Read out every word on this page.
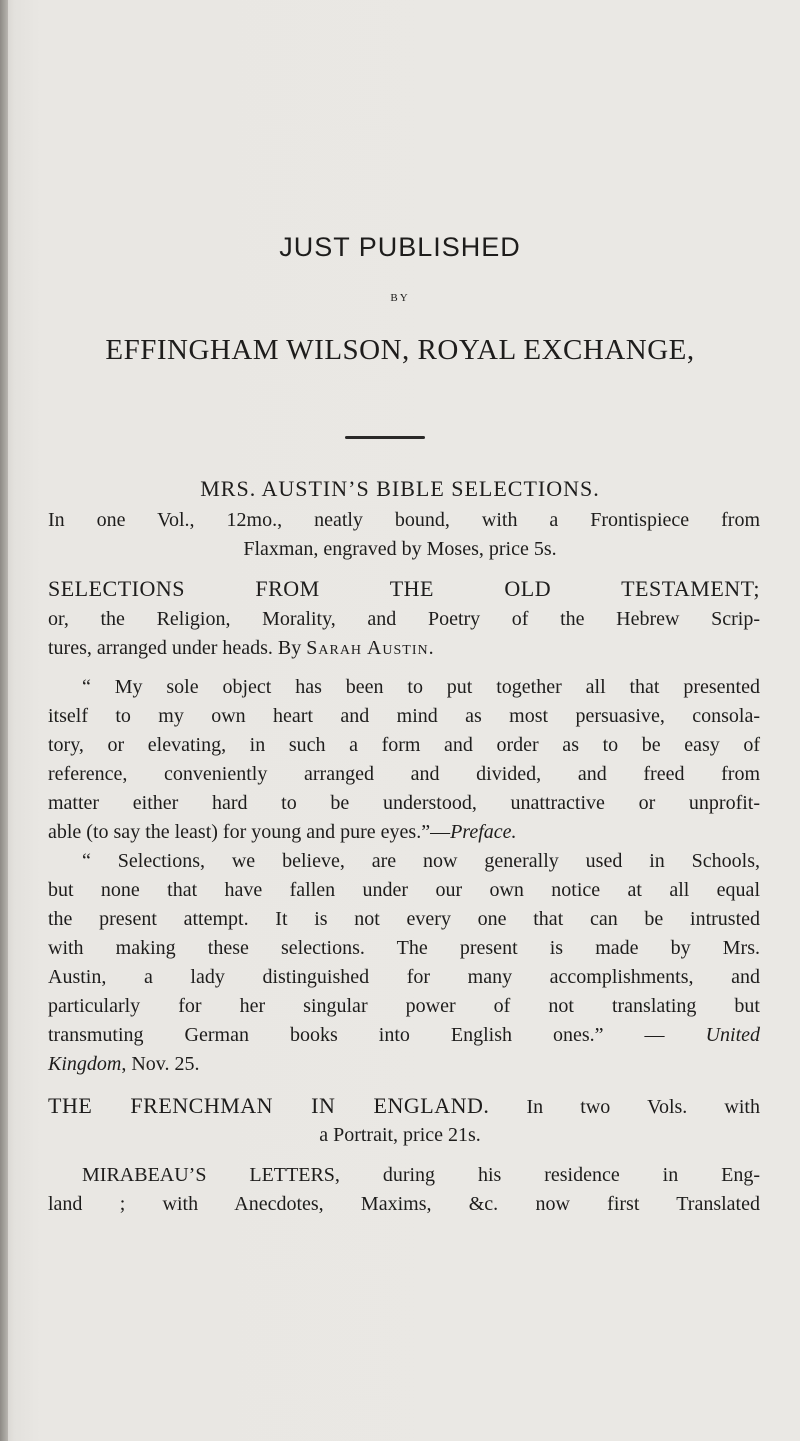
JUST PUBLISHED
BY
EFFINGHAM WILSON, ROYAL EXCHANGE,
MRS. AUSTIN’S BIBLE SELECTIONS.
In one Vol., 12mo., neatly bound, with a Frontispiece from
Flaxman, engraved by Moses, price 5s.
SELECTIONS FROM THE OLD TESTAMENT;
or, the Religion, Morality, and Poetry of the Hebrew Scrip-
tures, arranged under heads. By Sarah Austin.
“ My sole object has been to put together all that presented
itself to my own heart and mind as most persuasive, consola-
tory, or elevating, in such a form and order as to be easy of
reference, conveniently arranged and divided, and freed from
matter either hard to be understood, unattractive or unprofit-
able (to say the least) for young and pure eyes.”—Preface.
“ Selections, we believe, are now generally used in Schools,
but none that have fallen under our own notice at all equal
the present attempt. It is not every one that can be intrusted
with making these selections. The present is made by Mrs.
Austin, a lady distinguished for many accomplishments, and
particularly for her singular power of not translating but
transmuting German books into English ones.” — United
Kingdom, Nov. 25.
THE FRENCHMAN IN ENGLAND. In two Vols. with
a Portrait, price 21s.
MIRABEAU’S LETTERS, during his residence in Eng-
land ; with Anecdotes, Maxims, &c. now first Translated
